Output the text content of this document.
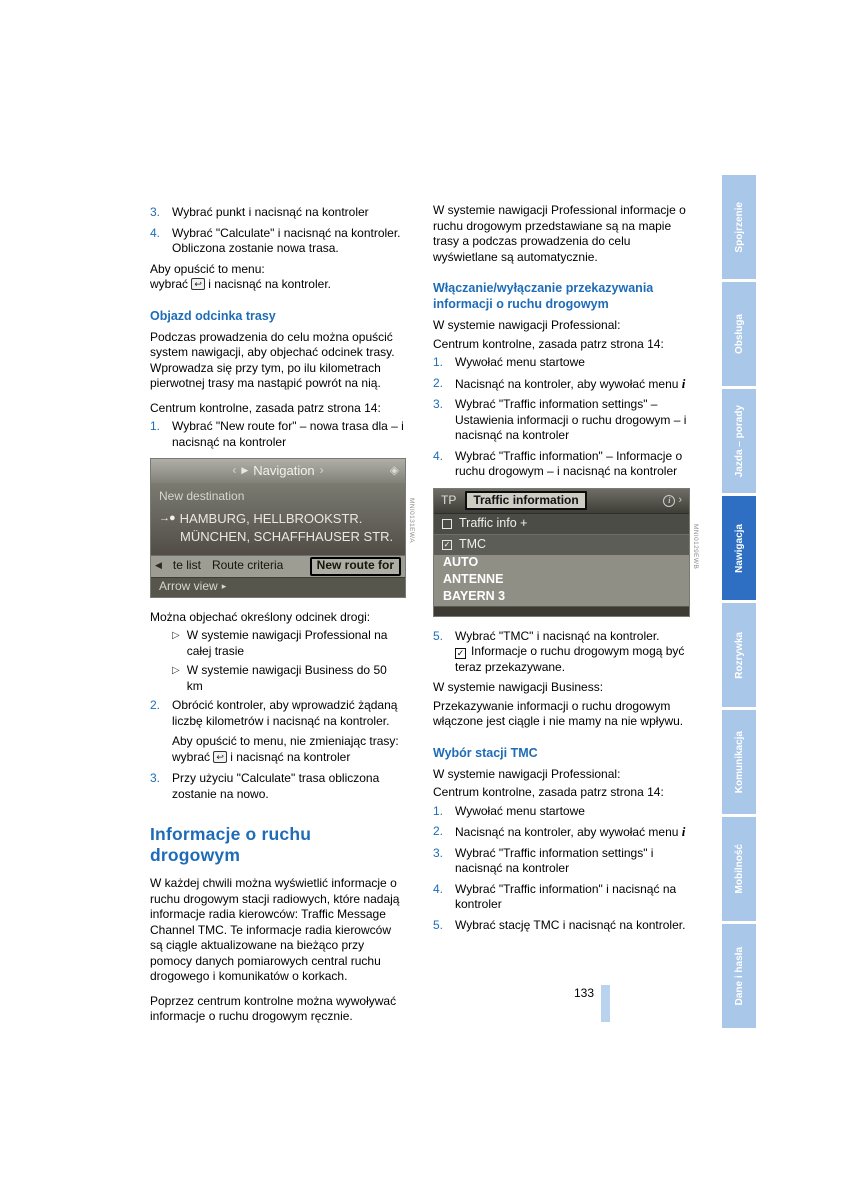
3. Wybrać punkt i nacisnąć na kontroler
4. Wybrać "Calculate" i nacisnąć na kontroler. Obliczona zostanie nowa trasa.

Aby opuścić to menu:
wybrać ↩ i nacisnąć na kontroler.

Objazd odcinka trasy

Podczas prowadzenia do celu można opuścić system nawigacji, aby objechać odcinek trasy. Wprowadza się przy tym, po ilu kilometrach pierwotnej trasy ma nastąpić powrót na nią.

Centrum kontrolne, zasada patrz strona 14:

1. Wybrać "New route for" – nowa trasa dla – i nacisnąć na kontroler
‹ ▶ Navigation ›	◈
New destination
→● HAMBURG, HELLBROOKSTR.
MÜNCHEN, SCHAFFHAUSER STR.
◀ te list Route criteria	New route for
Arrow view ▸
MNI0131EWA

Można objechać określony odcinek drogi:

▷ W systemie nawigacji Professional na całej trasie
▷ W systemie nawigacji Business do 50 km
2. Obrócić kontroler, aby wprowadzić żądaną liczbę kilometrów i nacisnąć na kontroler.
Aby opuścić to menu, nie zmieniając trasy:
wybrać ↩ i nacisnąć na kontroler
3. Przy użyciu "Calculate" trasa obliczona zostanie na nowo.
Informacje o ruchu drogowym

W każdej chwili można wyświetlić informacje o ruchu drogowym stacji radiowych, które nadają informacje radia kierowców: Traffic Message Channel TMC. Te informacje radia kierowców są ciągle aktualizowane na bieżąco przy pomocy danych pomiarowych central ruchu drogowego i komunikatów o korkach.

Poprzez centrum kontrolne można wywoływać informacje o ruchu drogowym ręcznie.

W systemie nawigacji Professional informacje o ruchu drogowym przedstawiane są na mapie trasy a podczas prowadzenia do celu wyświetlane są automatycznie.

Włączanie/wyłączanie przekazywania informacji o ruchu drogowym

W systemie nawigacji Professional:

Centrum kontrolne, zasada patrz strona 14:

1. Wywołać menu startowe
2. Nacisnąć na kontroler, aby wywołać menu i
3. Wybrać "Traffic information settings" – Ustawienia informacji o ruchu drogowym – i nacisnąć na kontroler
4. Wybrać "Traffic information" – Informacje o ruchu drogowym – i nacisnąć na kontroler
TP	Traffic information	i ›
Traffic info +
✓ TMC
AUTO
ANTENNE
BAYERN 3
MNI0129EWB
5. Wybrać "TMC" i nacisnąć na kontroler.
✓ Informacje o ruchu drogowym mogą być teraz przekazywane.

W systemie nawigacji Business:

Przekazywanie informacji o ruchu drogowym włączone jest ciągle i nie mamy na nie wpływu.

Wybór stacji TMC

W systemie nawigacji Professional:

Centrum kontrolne, zasada patrz strona 14:

1. Wywołać menu startowe
2. Nacisnąć na kontroler, aby wywołać menu i
3. Wybrać "Traffic information settings" i nacisnąć na kontroler
4. Wybrać "Traffic information" i nacisnąć na kontroler
5. Wybrać stację TMC i nacisnąć na kontroler.
133
Spojrzenie
Obsługa
Jazda – porady
Nawigacja
Rozrywka
Komunikacja
Mobilność
Dane i hasła
